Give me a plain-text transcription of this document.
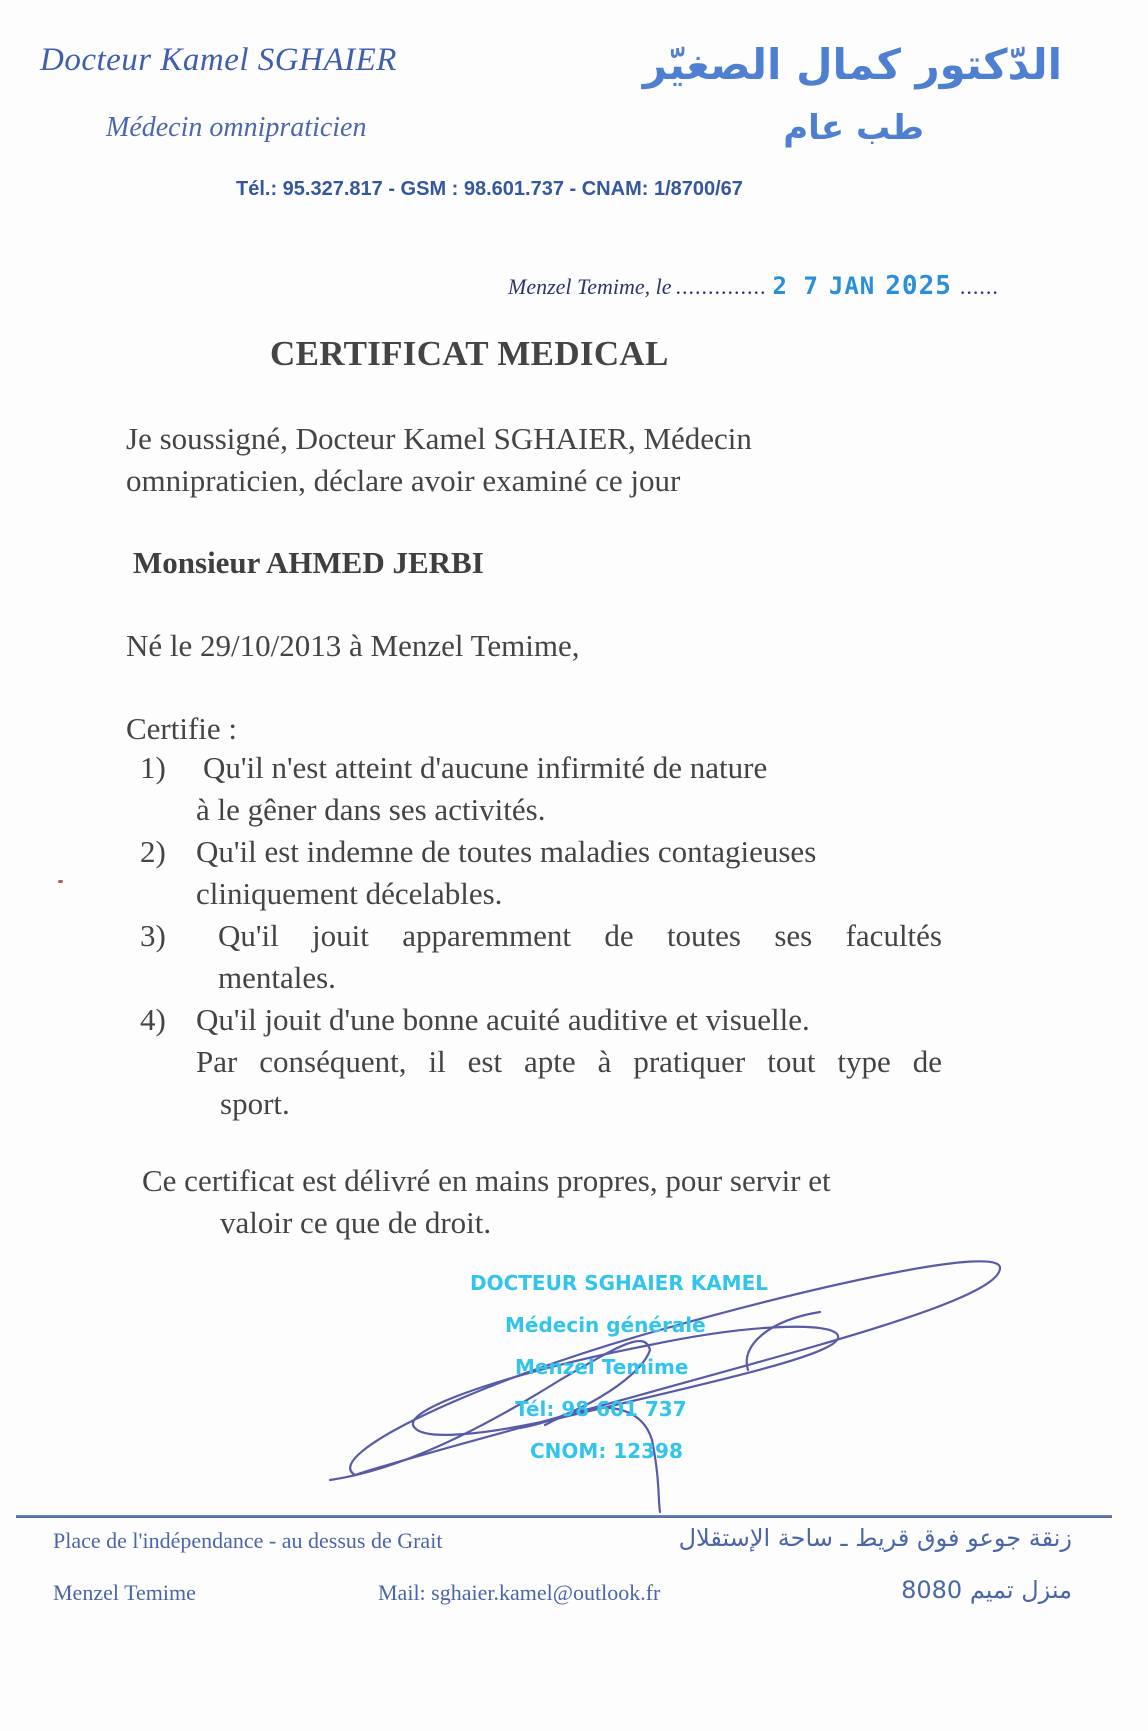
Docteur Kamel SGHAIER

Médecin omnipraticien

الدّكتور كمال الصغيّر

طب عام

Tél.: 95.327.817 - GSM : 98.601.737 - CNAM: 1/8700/67

Menzel Temime, le .............. 2 7 JAN 2025 ......

CERTIFICAT MEDICAL

Je soussigné, Docteur Kamel SGHAIER, Médecin
omnipraticien, déclare avoir examiné ce jour

Monsieur AHMED JERBI

Né le 29/10/2013 à Menzel Temime,

Certifie :

1) Qu'il n'est atteint d'aucune infirmité de nature
à le gêner dans ses activités.
2) Qu'il est indemne de toutes maladies contagieuses
cliniquement décelables.
3) Qu'il jouit apparemment de toutes ses facultés
mentales.
4) Qu'il jouit d'une bonne acuité auditive et visuelle.
Par conséquent, il est apte à pratiquer tout type de
sport.
Ce certificat est délivré en mains propres, pour servir et
valoir ce que de droit.
DOCTEUR SGHAIER KAMEL
Médecin générale
Menzel Temime
Tél: 98 601 737
CNOM: 12398
Place de l'indépendance - au dessus de Grait
Menzel Temime	Mail: sghaier.kamel@outlook.fr
زنقة جوعو فوق قريط ـ ساحة الإستقلال
منزل تميم 8080
